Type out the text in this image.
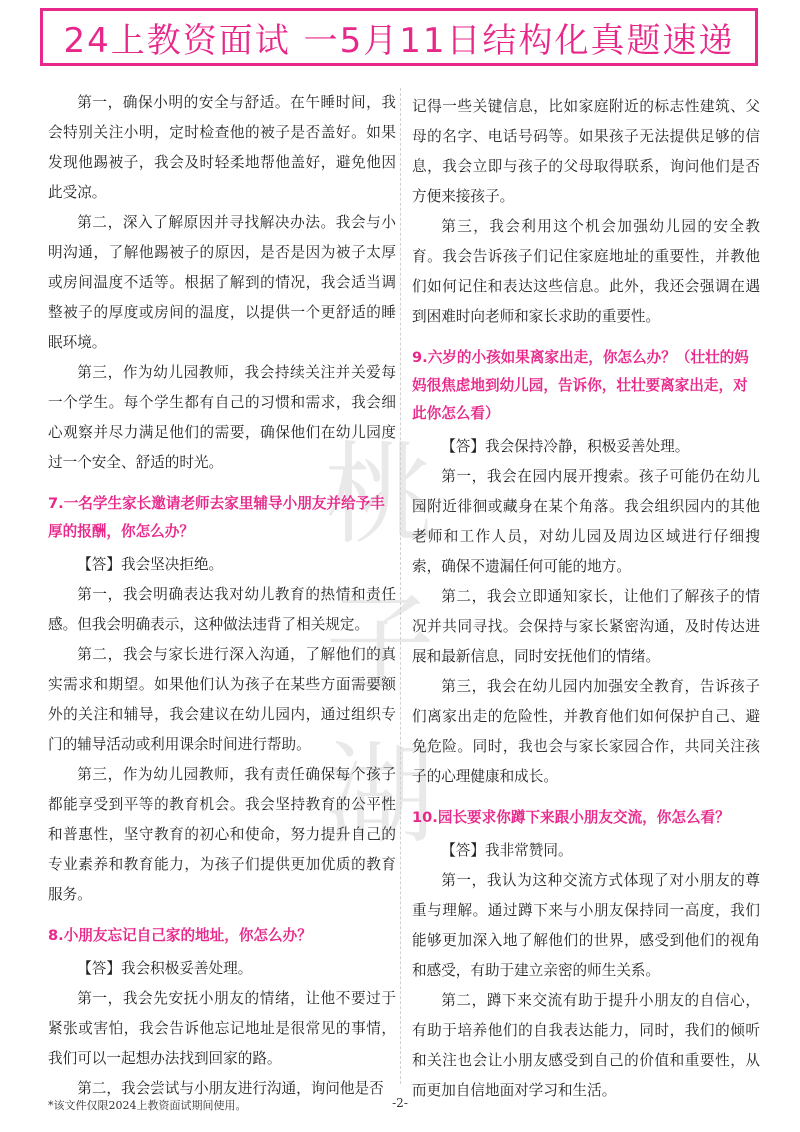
24上教资面试 一5月11日结构化真题速递
桃
子
湖

第一，确保小明的安全与舒适。在午睡时间，我会特别关注小明，定时检查他的被子是否盖好。如果发现他踢被子，我会及时轻柔地帮他盖好，避免他因此受凉。

第二，深入了解原因并寻找解决办法。我会与小明沟通，了解他踢被子的原因，是否是因为被子太厚或房间温度不适等。根据了解到的情况，我会适当调整被子的厚度或房间的温度，以提供一个更舒适的睡眠环境。

第三，作为幼儿园教师，我会持续关注并关爱每一个学生。每个学生都有自己的习惯和需求，我会细心观察并尽力满足他们的需要，确保他们在幼儿园度过一个安全、舒适的时光。

7.一名学生家长邀请老师去家里辅导小朋友并给予丰厚的报酬，你怎么办？

【答】我会坚决拒绝。

第一，我会明确表达我对幼儿教育的热情和责任感。但我会明确表示，这种做法违背了相关规定。

第二，我会与家长进行深入沟通，了解他们的真实需求和期望。如果他们认为孩子在某些方面需要额外的关注和辅导，我会建议在幼儿园内，通过组织专门的辅导活动或利用课余时间进行帮助。

第三，作为幼儿园教师，我有责任确保每个孩子都能享受到平等的教育机会。我会坚持教育的公平性和普惠性，坚守教育的初心和使命，努力提升自己的专业素养和教育能力，为孩子们提供更加优质的教育服务。

8.小朋友忘记自己家的地址，你怎么办？

【答】我会积极妥善处理。

第一，我会先安抚小朋友的情绪，让他不要过于紧张或害怕，我会告诉他忘记地址是很常见的事情，我们可以一起想办法找到回家的路。

第二，我会尝试与小朋友进行沟通，询问他是否

记得一些关键信息，比如家庭附近的标志性建筑、父母的名字、电话号码等。如果孩子无法提供足够的信息，我会立即与孩子的父母取得联系，询问他们是否方便来接孩子。

第三，我会利用这个机会加强幼儿园的安全教育。我会告诉孩子们记住家庭地址的重要性，并教他们如何记住和表达这些信息。此外，我还会强调在遇到困难时向老师和家长求助的重要性。

9.六岁的小孩如果离家出走，你怎么办？（壮壮的妈妈很焦虑地到幼儿园，告诉你，壮壮要离家出走，对此你怎么看）

【答】我会保持冷静，积极妥善处理。

第一，我会在园内展开搜索。孩子可能仍在幼儿园附近徘徊或藏身在某个角落。我会组织园内的其他老师和工作人员，对幼儿园及周边区域进行仔细搜索，确保不遗漏任何可能的地方。

第二，我会立即通知家长，让他们了解孩子的情况并共同寻找。会保持与家长紧密沟通，及时传达进展和最新信息，同时安抚他们的情绪。

第三，我会在幼儿园内加强安全教育，告诉孩子们离家出走的危险性，并教育他们如何保护自己、避免危险。同时，我也会与家长家园合作，共同关注孩子的心理健康和成长。

10.园长要求你蹲下来跟小朋友交流，你怎么看？

【答】我非常赞同。

第一，我认为这种交流方式体现了对小朋友的尊重与理解。通过蹲下来与小朋友保持同一高度，我们能够更加深入地了解他们的世界，感受到他们的视角和感受，有助于建立亲密的师生关系。

第二，蹲下来交流有助于提升小朋友的自信心，有助于培养他们的自我表达能力，同时，我们的倾听和关注也会让小朋友感受到自己的价值和重要性，从而更加自信地面对学习和生活。

*该文件仅限2024上教资面试期间使用。	-2-
